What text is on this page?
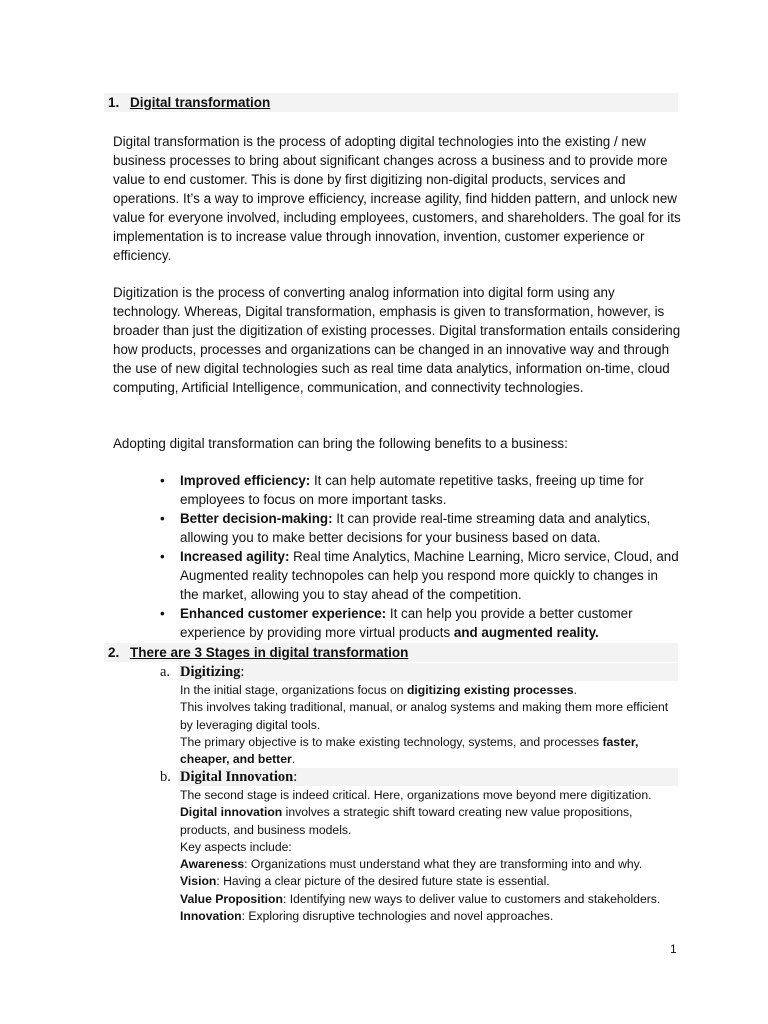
1. Digital transformation

Digital transformation is the process of adopting digital technologies into the existing / new business processes to bring about significant changes across a business and to provide more value to end customer. This is done by first digitizing non-digital products, services and operations. It’s a way to improve efficiency, increase agility, find hidden pattern, and unlock new value for everyone involved, including employees, customers, and shareholders. The goal for its implementation is to increase value through innovation, invention, customer experience or efficiency.

Digitization is the process of converting analog information into digital form using any technology. Whereas, Digital transformation, emphasis is given to transformation, however, is broader than just the digitization of existing processes. Digital transformation entails considering how products, processes and organizations can be changed in an innovative way and through the use of new digital technologies such as real time data analytics, information on-time, cloud computing, Artificial Intelligence, communication, and connectivity technologies.

Adopting digital transformation can bring the following benefits to a business:

• Improved efficiency: It can help automate repetitive tasks, freeing up time for employees to focus on more important tasks.
• Better decision-making: It can provide real-time streaming data and analytics, allowing you to make better decisions for your business based on data.
• Increased agility: Real time Analytics, Machine Learning, Micro service, Cloud, and Augmented reality technopoles can help you respond more quickly to changes in the market, allowing you to stay ahead of the competition.
• Enhanced customer experience: It can help you provide a better customer experience by providing more virtual products and augmented reality.
2. There are 3 Stages in digital transformation
a. Digitizing:
In the initial stage, organizations focus on digitizing existing processes.
This involves taking traditional, manual, or analog systems and making them more efficient by leveraging digital tools.
The primary objective is to make existing technology, systems, and processes faster, cheaper, and better.
b. Digital Innovation:
The second stage is indeed critical. Here, organizations move beyond mere digitization.
Digital innovation involves a strategic shift toward creating new value propositions, products, and business models.
Key aspects include:
Awareness: Organizations must understand what they are transforming into and why.
Vision: Having a clear picture of the desired future state is essential.
Value Proposition: Identifying new ways to deliver value to customers and stakeholders.
Innovation: Exploring disruptive technologies and novel approaches.
1
